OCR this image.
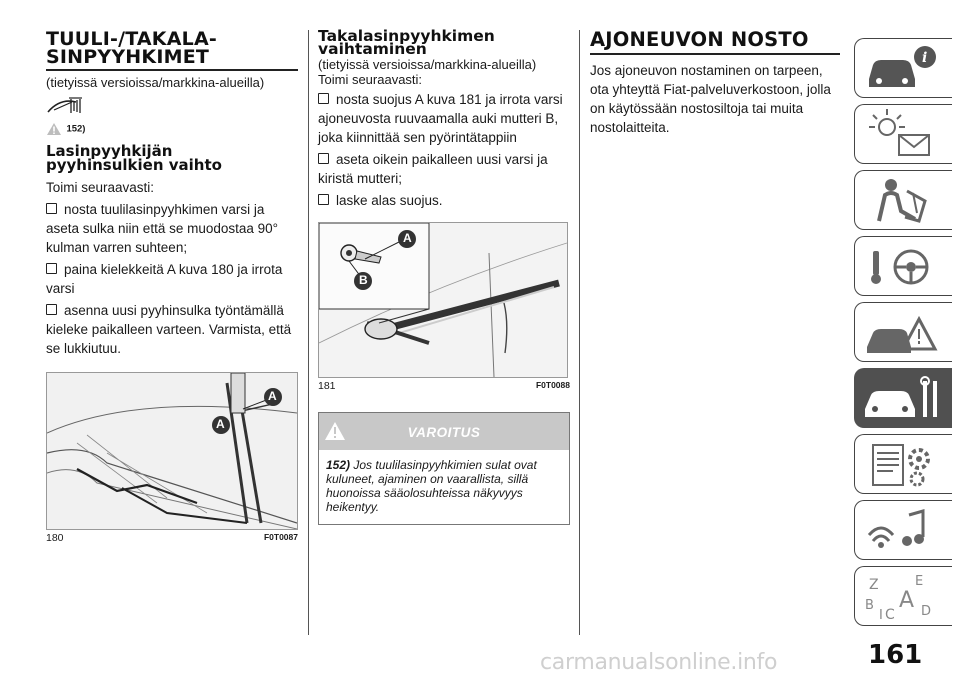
TUULI-/TAKALA-
SINPYYHKIMET

(tietyissä versioissa/markkina-alueilla)

152)
Lasinpyyhkijän
pyyhinsulkien vaihto

Toimi seuraavasti:

nosta tuulilasinpyyhkimen varsi ja aseta sulka niin että se muodostaa 90° kulman varren suhteen;

paina kielekkeitä A kuva 180 ja irrota varsi

asenna uusi pyyhinsulka työntämällä kieleke paikalleen varteen. Varmista, että se lukkiutuu.

A
A
180	F0T0087
Takalasinpyyhkimen
vaihtaminen

(tietyissä versioissa/markkina-alueilla)

Toimi seuraavasti:

nosta suojus A kuva 181 ja irrota varsi ajoneuvosta ruuvaamalla auki mutteri B, joka kiinnittää sen pyörintätappiin

aseta oikein paikalleen uusi varsi ja kiristä mutteri;

laske alas suojus.

A
B
181	F0T0088
VAROITUS
152) Jos tuulilasinpyyhkimien sulat ovat kuluneet, ajaminen on vaarallista, sillä huonoissa sääolosuhteissa näkyvyys heikentyy.
AJONEUVON NOSTO

Jos ajoneuvon nostaminen on tarpeen, ota yhteyttä Fiat-palveluverkostoon, jolla on käytössään nostosiltoja tai muita nostolaitteita.

i
Z	E
B A
C D
I
161
carmanualsonline.info
